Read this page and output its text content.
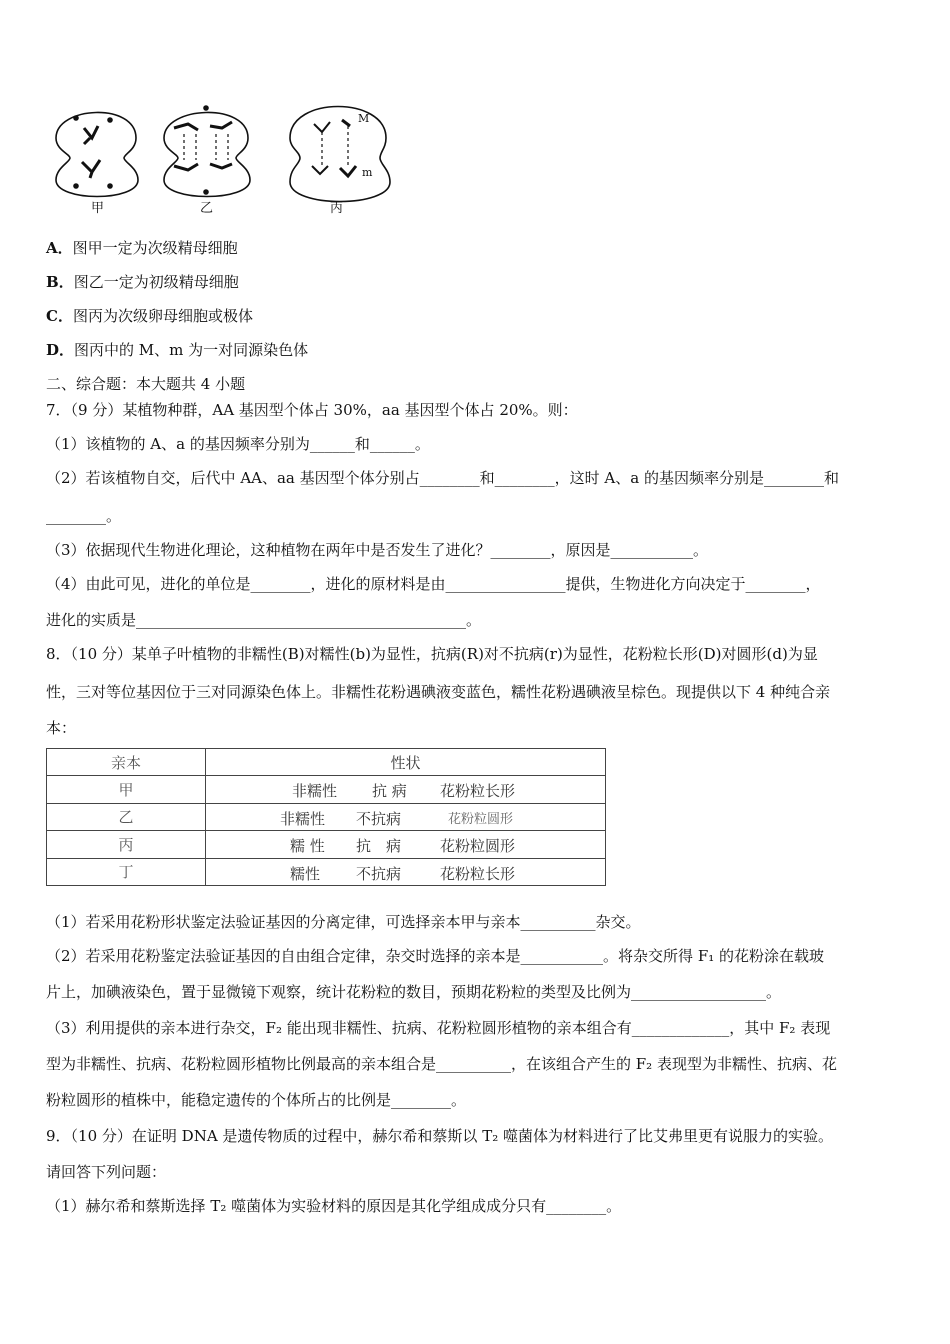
M
m
甲	乙	丙
A．图甲一定为次级精母细胞
B．图乙一定为初级精母细胞
C．图丙为次级卵母细胞或极体
D．图丙中的 M、m 为一对同源染色体
二、综合题：本大题共 4 小题
7．（9 分）某植物种群，AA 基因型个体占 30%，aa 基因型个体占 20%。则：
（1）该植物的 A、a 的基因频率分别为______和______。
（2）若该植物自交，后代中 AA、aa 基因型个体分别占________和________，这时 A、a 的基因频率分别是________和
________。
（3）依据现代生物进化理论，这种植物在两年中是否发生了进化？________，原因是___________。
（4）由此可见，进化的单位是________，进化的原材料是由________________提供，生物进化方向决定于________，
进化的实质是____________________________________________。
8．（10 分）某单子叶植物的非糯性(B)对糯性(b)为显性，抗病(R)对不抗病(r)为显性，花粉粒长形(D)对圆形(d)为显
性，三对等位基因位于三对同源染色体上。非糯性花粉遇碘液变蓝色，糯性花粉遇碘液呈棕色。现提供以下 4 种纯合亲
本：
亲本	性状
甲	非糯性 抗 病 花粉粒长形

乙	非糯性 不抗病 花粉粒圆形

丙	糯 性 抗　病 花粉粒圆形

丁	糯性 不抗病 花粉粒长形
（1）若采用花粉形状鉴定法验证基因的分离定律，可选择亲本甲与亲本__________杂交。
（2）若采用花粉鉴定法验证基因的自由组合定律，杂交时选择的亲本是___________。将杂交所得 F₁ 的花粉涂在载玻
片上，加碘液染色，置于显微镜下观察，统计花粉粒的数目，预期花粉粒的类型及比例为__________________。
（3）利用提供的亲本进行杂交，F₂ 能出现非糯性、抗病、花粉粒圆形植物的亲本组合有_____________，其中 F₂ 表现
型为非糯性、抗病、花粉粒圆形植物比例最高的亲本组合是__________，在该组合产生的 F₂ 表现型为非糯性、抗病、花
粉粒圆形的植株中，能稳定遗传的个体所占的比例是________。
9．（10 分）在证明 DNA 是遗传物质的过程中，赫尔希和蔡斯以 T₂ 噬菌体为材料进行了比艾弗里更有说服力的实验。
请回答下列问题：
（1）赫尔希和蔡斯选择 T₂ 噬菌体为实验材料的原因是其化学组成成分只有________。
